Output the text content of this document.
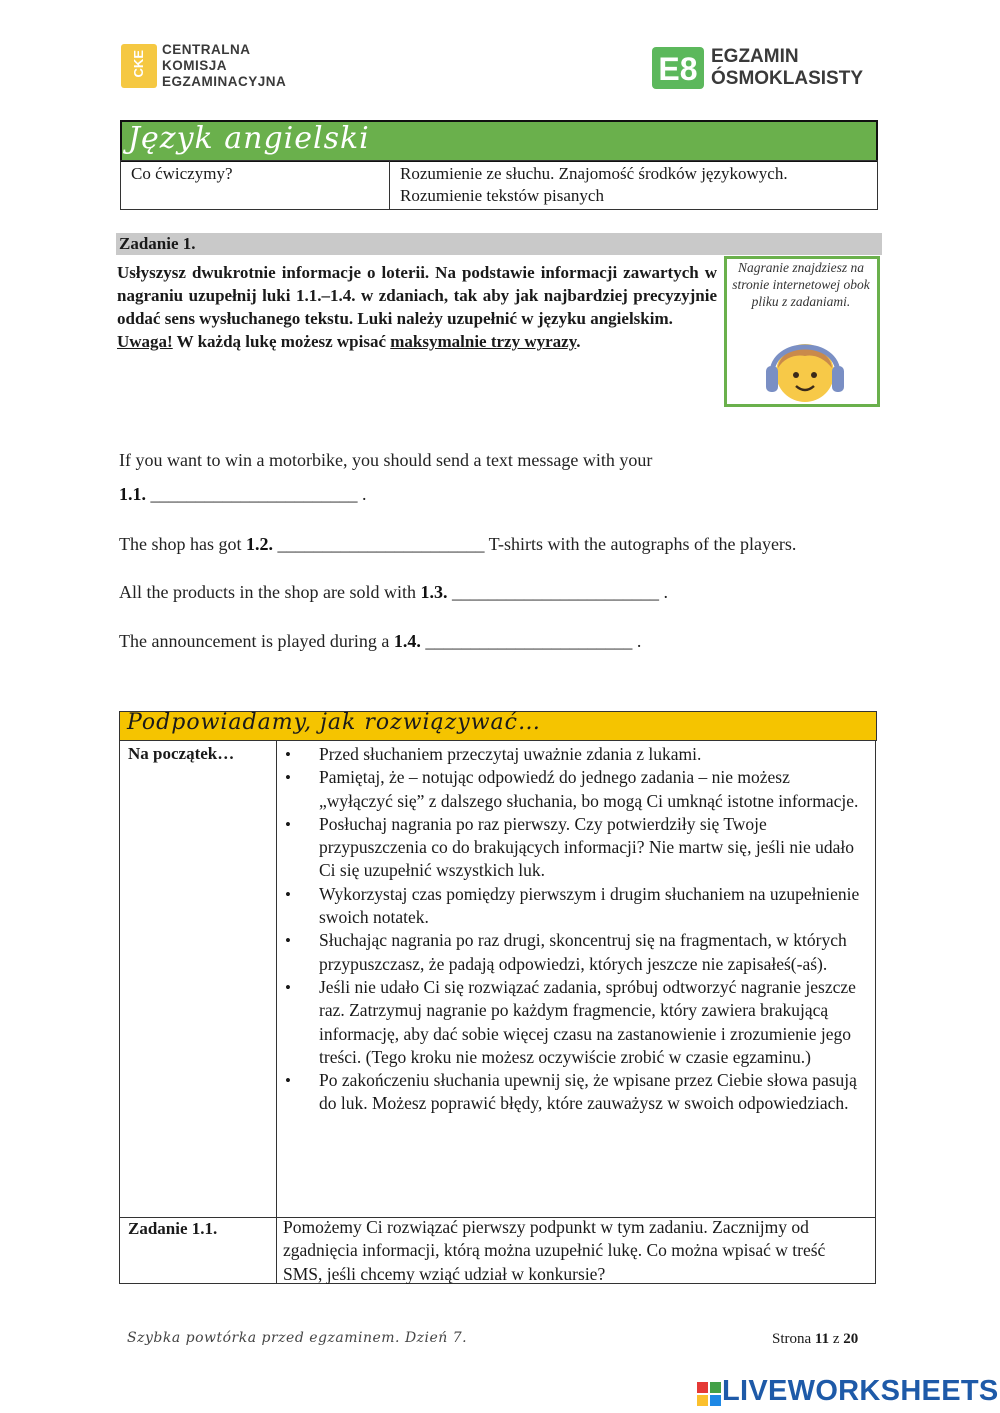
CKE
CENTRALNA
KOMISJA
EGZAMINACYJNA	E8 EGZAMIN
ÓSMOKLASISTY
Język angielski
Co ćwiczymy?	Rozumienie ze słuchu. Znajomość środków językowych. Rozumienie tekstów pisanych
Zadanie 1.
Usłyszysz dwukrotnie informacje o loterii. Na podstawie informacji zawartych w nagraniu uzupełnij luki 1.1.–1.4. w zdaniach, tak aby jak najbardziej precyzyjnie oddać sens wysłuchanego tekstu. Luki należy uzupełnić w języku angielskim.
Uwaga! W każdą lukę możesz wpisać maksymalnie trzy wyrazy.
Nagranie znajdziesz na stronie internetowej obok pliku z zadaniami.
If you want to win a motorbike, you should send a text message with your
1.1. _______________________ .
The shop has got 1.2. _______________________ T-shirts with the autographs of the players.
All the products in the shop are sold with 1.3. _______________________ .
The announcement is played during a 1.4. _______________________ .
Podpowiadamy, jak rozwiązywać…
Na początek…
•	Przed słuchaniem przeczytaj uważnie zdania z lukami.
• Pamiętaj, że – notując odpowiedź do jednego zadania – nie możesz „wyłączyć się” z dalszego słuchania, bo mogą Ci umknąć istotne informacje.
• Posłuchaj nagrania po raz pierwszy. Czy potwierdziły się Twoje przypuszczenia co do brakujących informacji? Nie martw się, jeśli nie udało Ci się uzupełnić wszystkich luk.
• Wykorzystaj czas pomiędzy pierwszym i drugim słuchaniem na uzupełnienie swoich notatek.
• Słuchając nagrania po raz drugi, skoncentruj się na fragmentach, w których przypuszczasz, że padają odpowiedzi, których jeszcze nie zapisałeś(-aś).
• Jeśli nie udało Ci się rozwiązać zadania, spróbuj odtworzyć nagranie jeszcze raz. Zatrzymuj nagranie po każdym fragmencie, który zawiera brakującą informację, aby dać sobie więcej czasu na zastanowienie i zrozumienie jego treści. (Tego kroku nie możesz oczywiście zrobić w czasie egzaminu.)
• Po zakończeniu słuchania upewnij się, że wpisane przez Ciebie słowa pasują do luk. Możesz poprawić błędy, które zauważysz w swoich odpowiedziach.
Zadanie 1.1.	Pomożemy Ci rozwiązać pierwszy podpunkt w tym zadaniu. Zacznijmy od zgadnięcia informacji, którą można uzupełnić lukę. Co można wpisać w treść SMS, jeśli chcemy wziąć udział w konkursie?
Szybka powtórka przed egzaminem. Dzień 7.	Strona 11 z 20
LIVEWORKSHEETS
